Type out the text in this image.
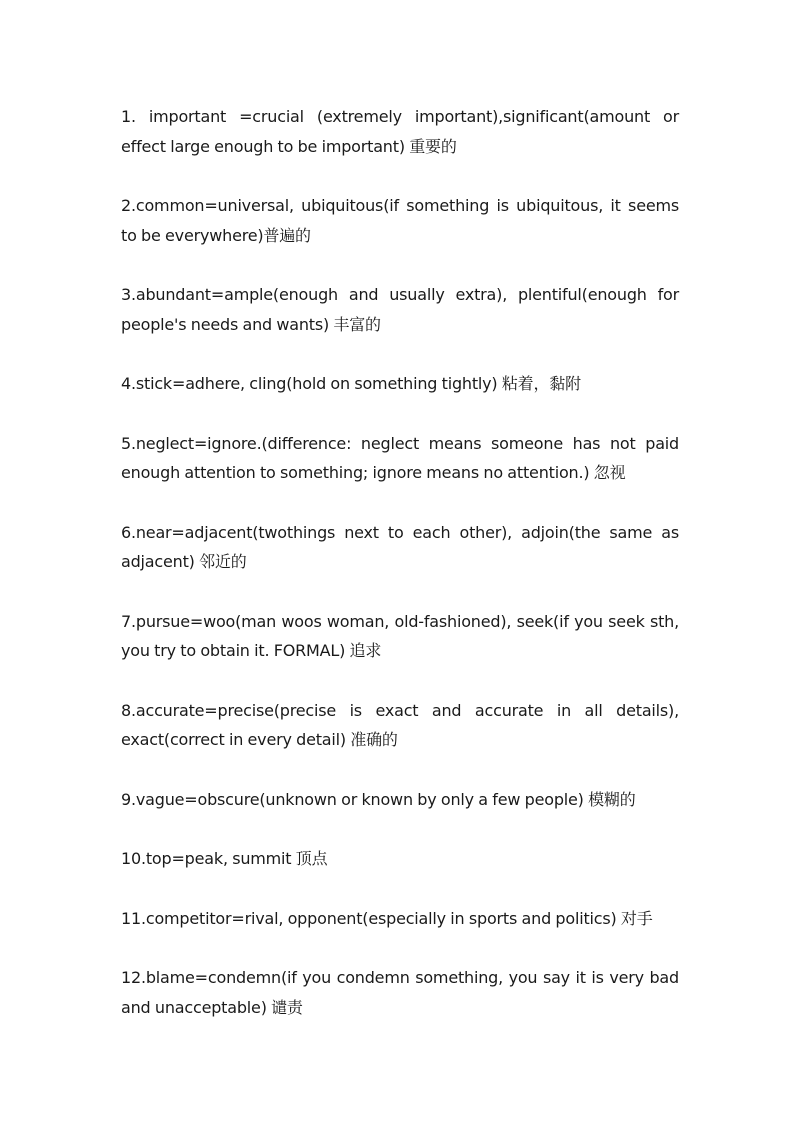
1. important =crucial (extremely important),significant(amount or effect large enough to be important) 重要的

2.common=universal, ubiquitous(if something is ubiquitous, it seems to be everywhere)普遍的

3.abundant=ample(enough and usually extra), plentiful(enough for people's needs and wants) 丰富的

4.stick=adhere, cling(hold on something tightly) 粘着，黏附

5.neglect=ignore.(difference: neglect means someone has not paid enough attention to something; ignore means no attention.) 忽视

6.near=adjacent(twothings next to each other), adjoin(the same as adjacent) 邻近的

7.pursue=woo(man woos woman, old-fashioned), seek(if you seek sth, you try to obtain it. FORMAL) 追求

8.accurate=precise(precise is exact and accurate in all details), exact(correct in every detail) 准确的

9.vague=obscure(unknown or known by only a few people) 模糊的

10.top=peak, summit 顶点

11.competitor=rival, opponent(especially in sports and politics) 对手

12.blame=condemn(if you condemn something, you say it is very bad and unacceptable) 谴责
